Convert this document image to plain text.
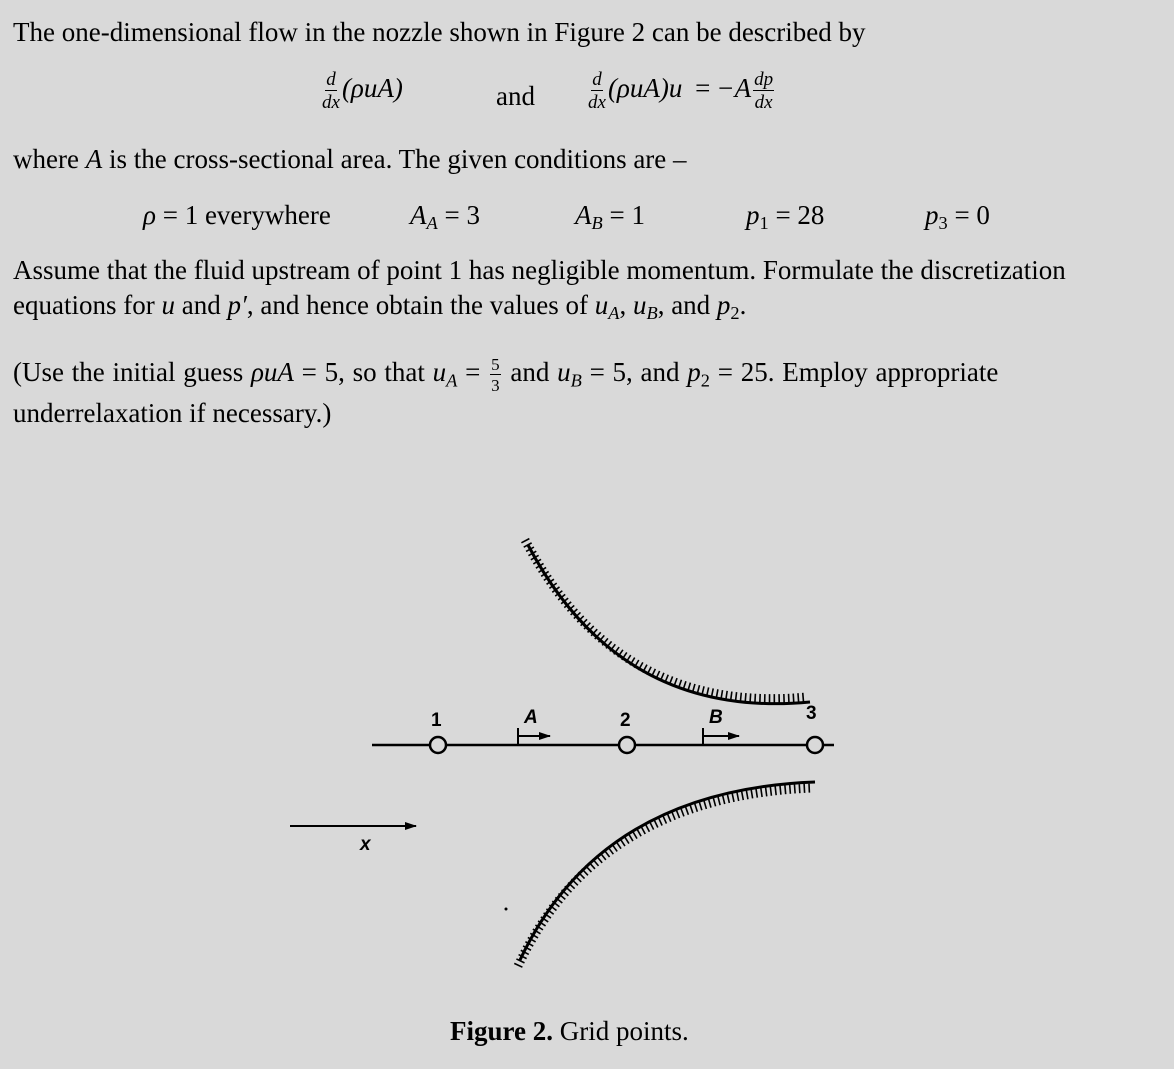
The one-dimensional flow in the nozzle shown in Figure 2 can be described by
$\frac{d}{dx} (\rho uA)$	and	$\frac{d}{dx} (\rho uA)u = -A \frac{dp}{dx}$
where A is the cross-sectional area. The given conditions are –
ρ = 1 everywhere	$A_A = 3$	$A_B = 1$	p1 = 28	p3 = 0
Assume that the fluid upstream of point 1 has negligible momentum. Formulate the discretization
equations for u and p′, and hence obtain the values of $u_A$, $u_B$, and p2.
(Use the initial guess ρuA = 5, so that $u_A = \frac{5}{3}$ and $u_B = 5$, and p2 = 25. Employ appropriate
underrelaxation if necessary.)
1	A	2	B	3
x
Figure 2. Grid points.
